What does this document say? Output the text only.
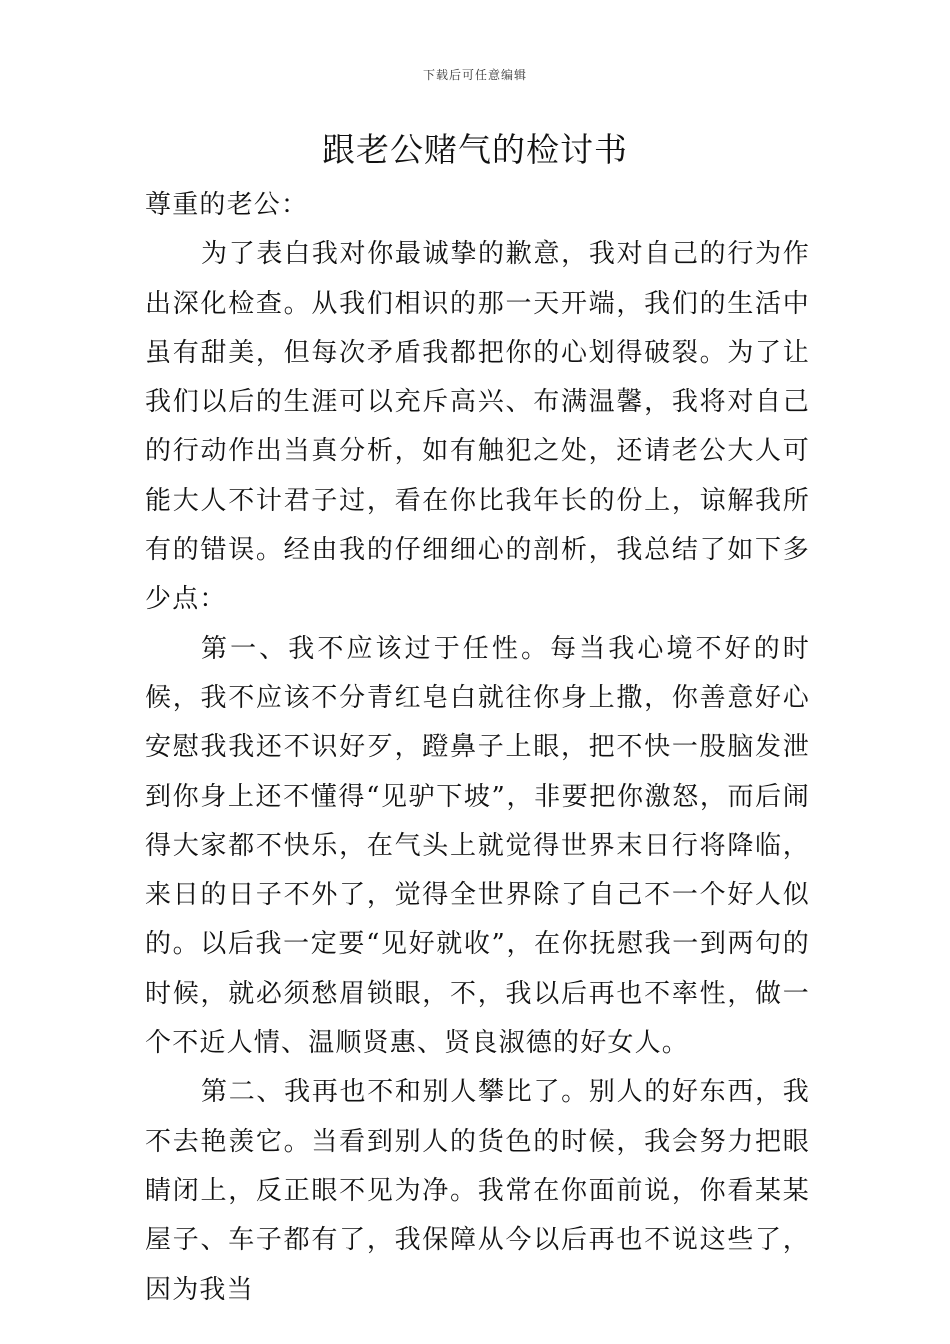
下载后可任意编辑
跟老公赌气的检讨书

尊重的老公：

为了表白我对你最诚挚的歉意，我对自己的行为作出深化检查。从我们相识的那一天开端，我们的生活中虽有甜美，但每次矛盾我都把你的心划得破裂。为了让我们以后的生涯可以充斥高兴、布满温馨，我将对自己的行动作出当真分析，如有触犯之处，还请老公大人可能大人不计君子过，看在你比我年长的份上，谅解我所有的错误。经由我的仔细细心的剖析，我总结了如下多少点：

第一、我不应该过于任性。每当我心境不好的时候，我不应该不分青红皂白就往你身上撒，你善意好心安慰我我还不识好歹，蹬鼻子上眼，把不快一股脑发泄到你身上还不懂得“见驴下坡”，非要把你激怒，而后闹得大家都不快乐，在气头上就觉得世界末日行将降临，来日的日子不外了，觉得全世界除了自己不一个好人似的。以后我一定要“见好就收”，在你抚慰我一到两句的时候，就必须愁眉锁眼，不，我以后再也不率性，做一个不近人情、温顺贤惠、贤良淑德的好女人。

第二、我再也不和别人攀比了。别人的好东西，我不去艳羡它。当看到别人的货色的时候，我会努力把眼睛闭上，反正眼不见为净。我常在你面前说，你看某某屋子、车子都有了，我保障从今以后再也不说这些了，因为我当
